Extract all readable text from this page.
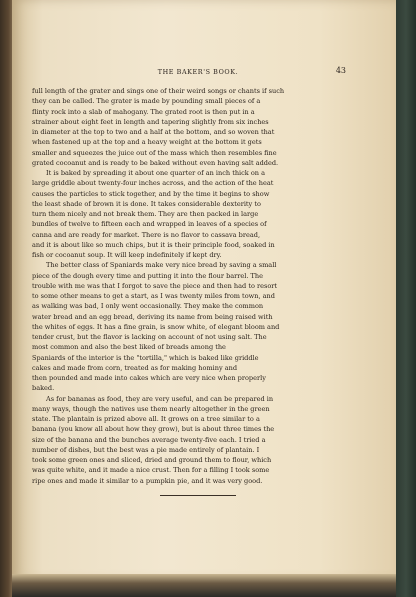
THE BAKER'S BOOK.	43

full length of the grater and sings one of their weird songs or chants if such
they can be called. The grater is made by pounding small pieces of a
flinty rock into a slab of mahogany. The grated root is then put in a
strainer about eight feet in length and tapering slightly from six inches
in diameter at the top to two and a half at the bottom, and so woven that
when fastened up at the top and a heavy weight at the bottom it gets
smaller and squeezes the juice out of the mass which then resembles fine
grated cocoanut and is ready to be baked without even having salt added.

It is baked by spreading it about one quarter of an inch thick on a
large griddle about twenty-four inches across, and the action of the heat
causes the particles to stick together, and by the time it begins to show
the least shade of brown it is done. It takes considerable dexterity to
turn them nicely and not break them. They are then packed in large
bundles of twelve to fifteen each and wrapped in leaves of a species of
canna and are ready for market. There is no flavor to cassava bread,
and it is about like so much chips, but it is their principle food, soaked in
fish or cocoanut soup. It will keep indefinitely if kept dry.

The better class of Spaniards make very nice bread by saving a small
piece of the dough every time and putting it into the flour barrel. The
trouble with me was that I forgot to save the piece and then had to resort
to some other means to get a start, as I was twenty miles from town, and
as walking was bad, I only went occasionally. They make the common
water bread and an egg bread, deriving its name from being raised with
the whites of eggs. It has a fine grain, is snow white, of elegant bloom and
tender crust, but the flavor is lacking on account of not using salt. The
most common and also the best liked of breads among the
Spaniards of the interior is the "tortilla," which is baked like griddle
cakes and made from corn, treated as for making hominy and
then pounded and made into cakes which are very nice when properly
baked.

As for bananas as food, they are very useful, and can be prepared in
many ways, though the natives use them nearly altogether in the green
state. The plantain is prized above all. It grows on a tree similar to a
banana (you know all about how they grow), but is about three times the
size of the banana and the bunches average twenty-five each. I tried a
number of dishes, but the best was a pie made entirely of plantain. I
took some green ones and sliced, dried and ground them to flour, which
was quite white, and it made a nice crust. Then for a filling I took some
ripe ones and made it similar to a pumpkin pie, and it was very good.
